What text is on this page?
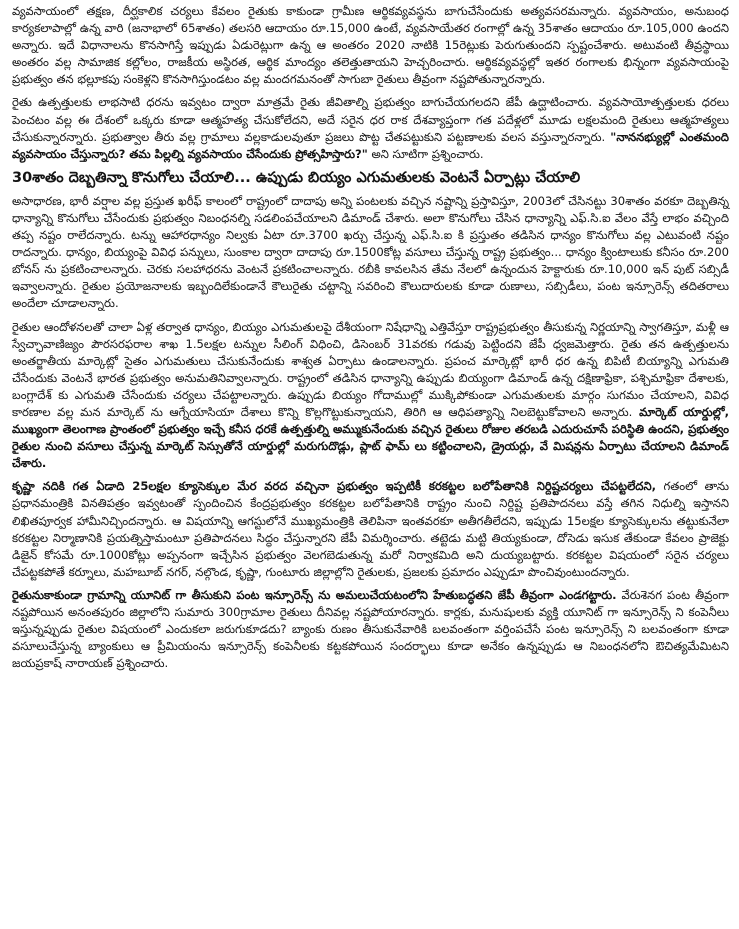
వ్యవసాయంలో తక్షణ, దీర్ఘకాలిక చర్యలు కేవలం రైతుకు కాకుండా గ్రామీణ ఆర్థికవ్యవస్థను బాగుచేసేందుకు అత్యవసరమన్నారు. వ్యవసాయం, అనుబంధ కార్యకలాపాల్లో ఉన్న వారి (జనాభాలో 65శాతం) తలసరి ఆదాయం రూ.15,000 ఉంటే, వ్యవసాయేతర రంగాల్లో ఉన్న 35శాతం ఆదాయం రూ.105,000 ఉందని అన్నారు. ఇదే విధానాలను కొనసాగిస్తే ఇప్పుడు ఏడురెట్లుగా ఉన్న ఆ అంతరం 2020 నాటికి 15రెట్లుకు పెరుగుతుందని స్పష్టంచేశారు. అటువంటి తీవ్రస్థాయి అంతరం వల్ల సామాజిక కల్లోలం, రాజకీయ అస్థిరత, ఆర్థిక మాంద్యం తలెత్తుతాయని హెచ్చరించారు. ఆర్థికవ్యవస్థల్లో ఇతర రంగాలకు భిన్నంగా వ్యవసాయంపై ప్రభుత్వం తన భల్లూకపు సంకెళ్లని కొనసాగిస్తుండటం వల్ల మందగమనంతో సాగుబా రైతులు తీవ్రంగా నష్టపోతున్నారన్నారు.

రైతు ఉత్పత్తులకు లాభసాటి ధరను ఇవ్వటం ద్వారా మాత్రమే రైతు జీవితాల్ని ప్రభుత్వం బాగుచేయగలదని జేపీ ఉద్ఘాటించారు. వ్యవసాయోత్పత్తులకు ధరలు పెంచటం వల్ల ఈ దేశంలో ఒక్కరు కూడా ఆత్మహత్య చేసుకోలేదని, అదే సరైన ధర రాక దేశవ్యాప్తంగా గత పదేళ్లలో మూడు లక్షలమంది రైతులు ఆత్మహత్యలు చేసుకున్నారన్నారు. ప్రభుత్వాల తీరు వల్ల గ్రామాలు వల్లకాడులవుతూ ప్రజలు పొట్ట చేతపట్టుకుని పట్టణాలకు వలస వస్తున్నారన్నారు. "నాననభ్యుల్లో ఎంతమంది వ్యవసాయం చేస్తున్నారు? తమ పిల్లల్ని వ్యవసాయం చేసేందుకు ప్రోత్సహిస్తారు?" అని సూటిగా ప్రశ్నించారు.

30శాతం దెబ్బతిన్నా కొనుగోలు చేయాలి... ఉప్పుడు బియ్యం ఎగుమతులకు వెంటనే ఏర్పాట్లు చేయాలి

అసాధారణ, భారీ వర్షాల వల్ల ప్రస్తుత ఖరీఫ్ కాలంలో రాష్ట్రంలో దాదాపు అన్ని పంటలకు వచ్చిన నష్టాన్ని ప్రస్తావిస్తూ, 2003లో చేసినట్టు 30శాతం వరకూ దెబ్బతిన్న ధాన్యాన్ని కొనుగోలు చేసేందుకు ప్రభుత్వం నిబంధనల్ని సడలింపచేయాలని డిమాండ్ చేశారు. అలా కొనుగోలు చేసిన ధాన్యాన్ని ఎఫ్.సి.ఐ వేలం వేస్తే లాభం వచ్చింది తప్ప నష్టం రాలేదన్నారు. టన్ను ఆహారధాన్యం నిల్వకు ఏటా రూ.3700 ఖర్చు చేస్తున్న ఎఫ్.సి.ఐ కి ప్రస్తుతం తడిసిన ధాన్యం కొనుగోలు వల్ల ఎటువంటి నష్టం రాదన్నారు. ధాన్యం, బియ్యంపై వివిధ పన్నులు, సుంకాల ద్వారా దాదాపు రూ.1500కోట్ల వసూలు చేస్తున్న రాష్ట్ర ప్రభుత్వం... ధాన్యం క్వింటాలుకు కనీసం రూ.200 బోనస్ ను ప్రకటించాలన్నారు. చెరకు సలహాధరను వెంటనే ప్రకటించాలన్నారు. రబీకి కావలసిన తేమ నేలలో ఉన్నందున హెక్టారుకు రూ.10,000 ఇన్ పుట్ సబ్సిడీ ఇవ్వాలన్నారు. రైతుల ప్రయోజనాలకు ఇబ్బందిలేకుండానే కౌలురైతు చట్టాన్ని సవరించి కౌలుదారులకు కూడా రుణాలు, సబ్సిడీలు, పంట ఇన్సూరెన్స్ తదితరాలు అందేలా చూడాలన్నారు.

రైతుల ఆందోళనలతో చాలా ఏళ్ల తర్వాత ధాన్యం, బియ్యం ఎగుమతులపై దేశీయంగా నిషేధాన్ని ఎత్తివేస్తూ రాష్ట్రప్రభుత్వం తీసుకున్న నిర్ణయాన్ని స్వాగతిస్తూ, మళ్లీ ఆ స్వేచ్ఛావాణిజ్యం పౌరసరఫరాల శాఖ 1.5లక్షల టన్నుల సీలింగ్ విధించి, డిసెంబర్ 31వరకు గడువు పెట్టిందని జేపీ ధ్వజమెత్తారు. రైతు తన ఉత్పత్తులను అంతర్జాతీయ మార్కెట్లో సైతం ఎగుమతులు చేసుకునేందుకు శాశ్వత ఏర్పాటు ఉండాలన్నారు. ప్రపంచ మార్కెట్లో భారీ ధర ఉన్న బిపిటీ బియ్యాన్ని ఎగుమతి చేసేందుకు వెంటనే భారత ప్రభుత్వం అనుమతినివ్వాలన్నారు. రాష్ట్రంలో తడిసిన ధాన్యాన్ని ఉప్పుడు బియ్యంగా డిమాండ్ ఉన్న దక్షిణాఫ్రికా, పశ్చిమాఫ్రికా దేశాలకు, బంగ్లాదేశ్ కు ఎగుమతి చేసేందుకు చర్యలు చేపట్టాలన్నారు. ఉప్పుడు బియ్యం గోదాముల్లో ముక్కిపోకుండా ఎగుమతులకు మార్గం సుగమం చేయాలని, వివిధ కారణాల వల్ల మన మార్కెట్ ను ఆగ్నేయాసియా దేశాలు కొన్ని కొల్లగొట్టుకున్నాయని, తిరిగి ఆ ఆధిపత్యాన్ని నిలబెట్టుకోవాలని అన్నారు. మార్కెట్ యార్డుల్లో, ముఖ్యంగా తెలంగాణ ప్రాంతంలో ప్రభుత్వం ఇచ్చే కనీస ధరకే ఉత్పత్తుల్ని అమ్ముకునేందుకు వచ్చిన రైతులు రోజుల తరబడి ఎదురుచూసే పరిస్థితి ఉందని, ప్రభుత్వం రైతుల నుంచి వసూలు చేస్తున్న మార్కెట్ సెస్సుతోనే యార్డుల్లో మరుగుదొడ్లు, ప్లాట్ ఫామ్ లు కట్టించాలని, డ్రైయర్లు, వే మిషన్లను ఏర్పాటు చేయాలని డిమాండ్ చేశారు.

కృష్ణా నదికి గత ఏడాది 25లక్షల క్యూసెక్కుల మేర వరద వచ్చినా ప్రభుత్వం ఇప్పటికీ కరకట్టల బలోపేతానికి నిర్దిష్టచర్యలు చేపట్టలేదని, గతంలో తాను ప్రధానమంత్రికి వినతిపత్రం ఇవ్వటంతో స్పందించిన కేంద్రప్రభుత్వం కరకట్టల బలోపేతానికి రాష్ట్రం నుంచి నిర్దిష్ట ప్రతిపాదనలు వస్తే తగిన నిధుల్ని ఇస్తానని లిఖితపూర్వక హామీనిచ్చిందన్నారు. ఆ విషయాన్ని ఆగస్టులోనే ముఖ్యమంత్రికి తెలిపినా ఇంతవరకూ అతీగతీలేదని, ఇప్పుడు 15లక్షల క్యూసెక్కులను తట్టుకునేలా కరకట్టల నిర్మాణానికి ప్రయత్నిస్తామంటూ ప్రతిపాదనలు సిద్ధం చేస్తున్నారని జేపీ విమర్శించారు. తట్టెడు మట్టి తియ్యకుండా, దోసెడు ఇసుక తేకుండా కేవలం ప్రాజెక్టు డిజైన్ కోసమే రూ.1000కోట్లు అప్పనంగా ఇచ్చేసిన ప్రభుత్వం వెలగబెడుతున్న మరో నిర్వాకమిది అని దుయ్యబట్టారు. కరకట్టల విషయంలో సరైన చర్యలు చేపట్టకపోతే కర్నూలు, మహబూబ్ నగర్, నల్గొండ, కృష్ణా, గుంటూరు జిల్లాల్లోని రైతులకు, ప్రజలకు ప్రమాదం ఎప్పుడూ పొంచివుంటుందన్నారు.

రైతునుకాకుండా గ్రామాన్ని యూనిట్ గా తీసుకుని పంట ఇన్సూరెన్స్ ను అమలుచేయటంలోని హేతుబద్ధతని జేపీ తీవ్రంగా ఎండగట్టారు. వేరుశెనగ పంట తీవ్రంగా నష్టపోయిన అనంతపురం జిల్లాలోని సుమారు 300గ్రామాల రైతులు దీనివల్ల నష్టపోయారన్నారు. కార్లకు, మనుషులకు వ్యక్తి యూనిట్ గా ఇన్సూరెన్స్ ని కంపెనీలు ఇస్తున్నప్పుడు రైతుల విషయంలో ఎందుకలా జరుగుకూడదు? బ్యాంకు రుణం తీసుకునేవారికి బలవంతంగా వర్తింపచేసే పంట ఇన్సూరెన్స్ ని బలవంతంగా కూడా వసూలుచేస్తున్న బ్యాంకులు ఆ ప్రీమియంను ఇన్సూరెన్స్ కంపెనీలకు కట్టకపోయిన సందర్భాలు కూడా అనేకం ఉన్నప్పుడు ఆ నిబంధనలోని ఔచిత్యమేమిటని జయప్రకాష్ నారాయణ్ ప్రశ్నించారు.
